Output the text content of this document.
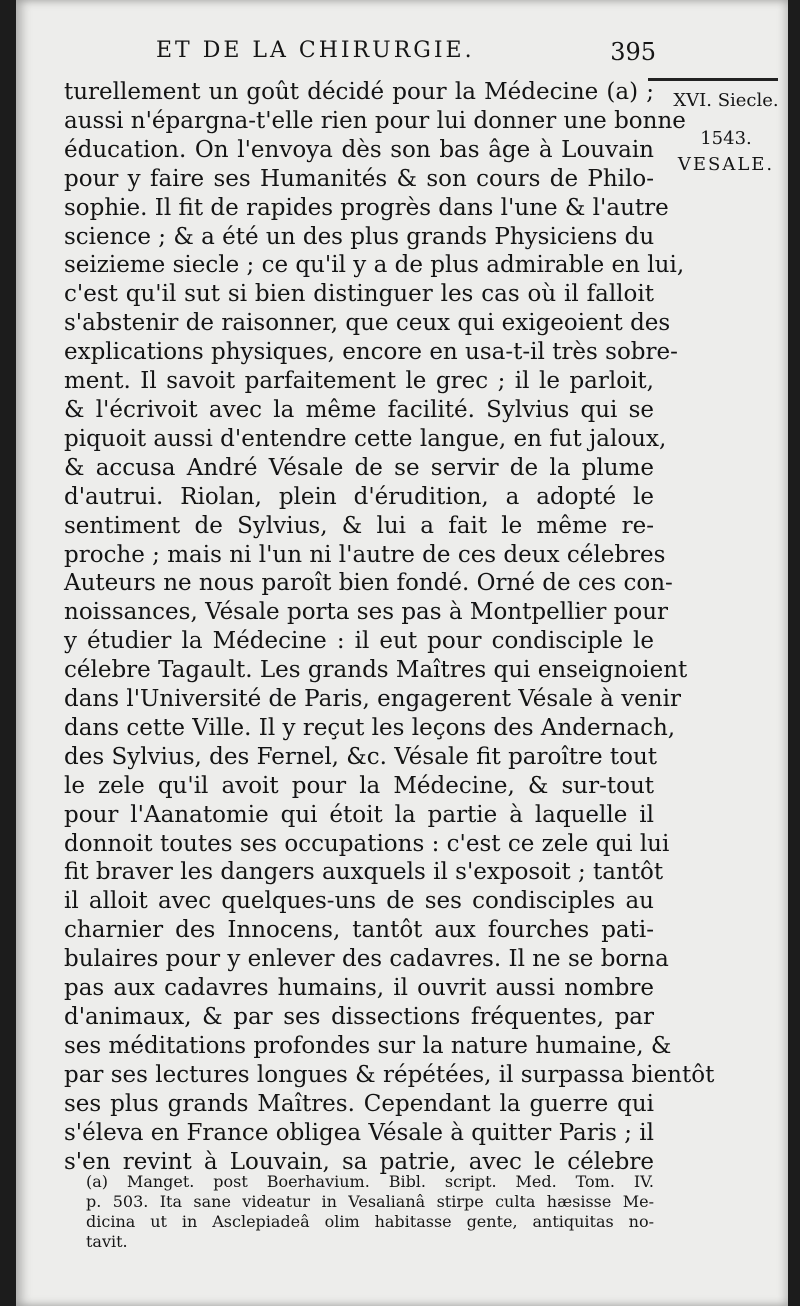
ET DE LA CHIRURGIE.	395
XVI. Siecle.
1543.
VESALE.
turellement un goût décidé pour la Médecine (a) ;
aussi n'épargna-t'elle rien pour lui donner une bonne
éducation. On l'envoya dès son bas âge à Louvain
pour y faire ses Humanités & son cours de Philo-
sophie. Il fit de rapides progrès dans l'une & l'autre
science ; & a été un des plus grands Physiciens du
seizieme siecle ; ce qu'il y a de plus admirable en lui,
c'est qu'il sut si bien distinguer les cas où il falloit
s'abstenir de raisonner, que ceux qui exigeoient des
explications physiques, encore en usa-t-il très sobre-
ment. Il savoit parfaitement le grec ; il le parloit,
& l'écrivoit avec la même facilité. Sylvius qui se
piquoit aussi d'entendre cette langue, en fut jaloux,
& accusa André Vésale de se servir de la plume
d'autrui. Riolan, plein d'érudition, a adopté le
sentiment de Sylvius, & lui a fait le même re-
proche ; mais ni l'un ni l'autre de ces deux célebres
Auteurs ne nous paroît bien fondé. Orné de ces con-
noissances, Vésale porta ses pas à Montpellier pour
y étudier la Médecine : il eut pour condisciple le
célebre Tagault. Les grands Maîtres qui enseignoient
dans l'Université de Paris, engagerent Vésale à venir
dans cette Ville. Il y reçut les leçons des Andernach,
des Sylvius, des Fernel, &c. Vésale fit paroître tout
le zele qu'il avoit pour la Médecine, & sur-tout
pour l'Aanatomie qui étoit la partie à laquelle il
donnoit toutes ses occupations : c'est ce zele qui lui
fit braver les dangers auxquels il s'exposoit ; tantôt
il alloit avec quelques-uns de ses condisciples au
charnier des Innocens, tantôt aux fourches pati-
bulaires pour y enlever des cadavres. Il ne se borna
pas aux cadavres humains, il ouvrit aussi nombre
d'animaux, & par ses dissections fréquentes, par
ses méditations profondes sur la nature humaine, &
par ses lectures longues & répétées, il surpassa bientôt
ses plus grands Maîtres. Cependant la guerre qui
s'éleva en France obligea Vésale à quitter Paris ; il
s'en revint à Louvain, sa patrie, avec le célebre
(a) Manget. post Boerhavium. Bibl. script. Med. Tom. IV.
p. 503. Ita sane videatur in Vesalianâ stirpe culta hæsisse Me-
dicina ut in Asclepiadeâ olim habitasse gente, antiquitas no-
tavit.
